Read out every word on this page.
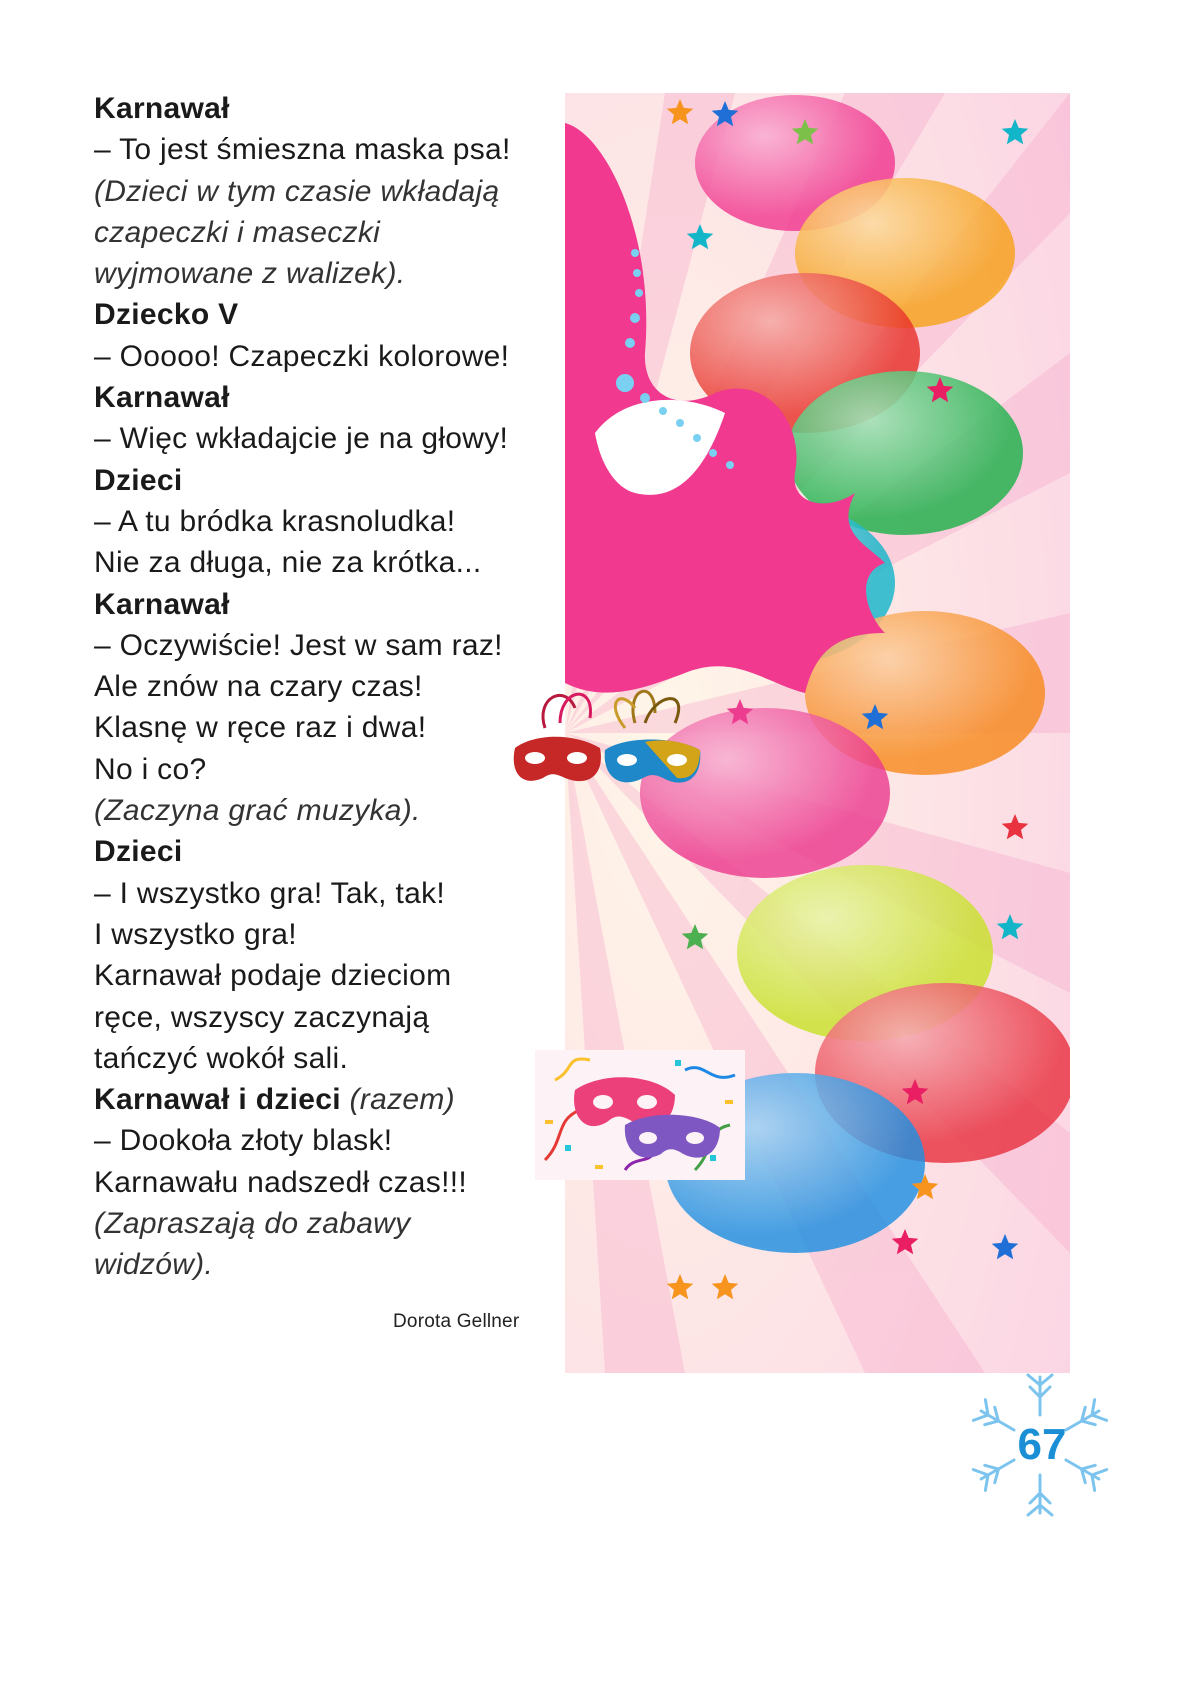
Karnawał
– To jest śmieszna maska psa!
(Dzieci w tym czasie wkładają
czapeczki i maseczki
wyjmowane z walizek).
Dziecko V
– Ooooo! Czapeczki kolorowe!
Karnawał
– Więc wkładajcie je na głowy!
Dzieci
– A tu bródka krasnoludka!
Nie za długa, nie za krótka...
Karnawał
– Oczywiście! Jest w sam raz!
Ale znów na czary czas!
Klasnę w ręce raz i dwa!
No i co?
(Zaczyna grać muzyka).
Dzieci
– I wszystko gra! Tak, tak!
I wszystko gra!
Karnawał podaje dzieciom
ręce, wszyscy zaczynają
tańczyć wokół sali.
Karnawał i dzieci (razem)
– Dookoła złoty blask!
Karnawału nadszedł czas!!!
(Zapraszają do zabawy
widzów).
Dorota Gellner
67
